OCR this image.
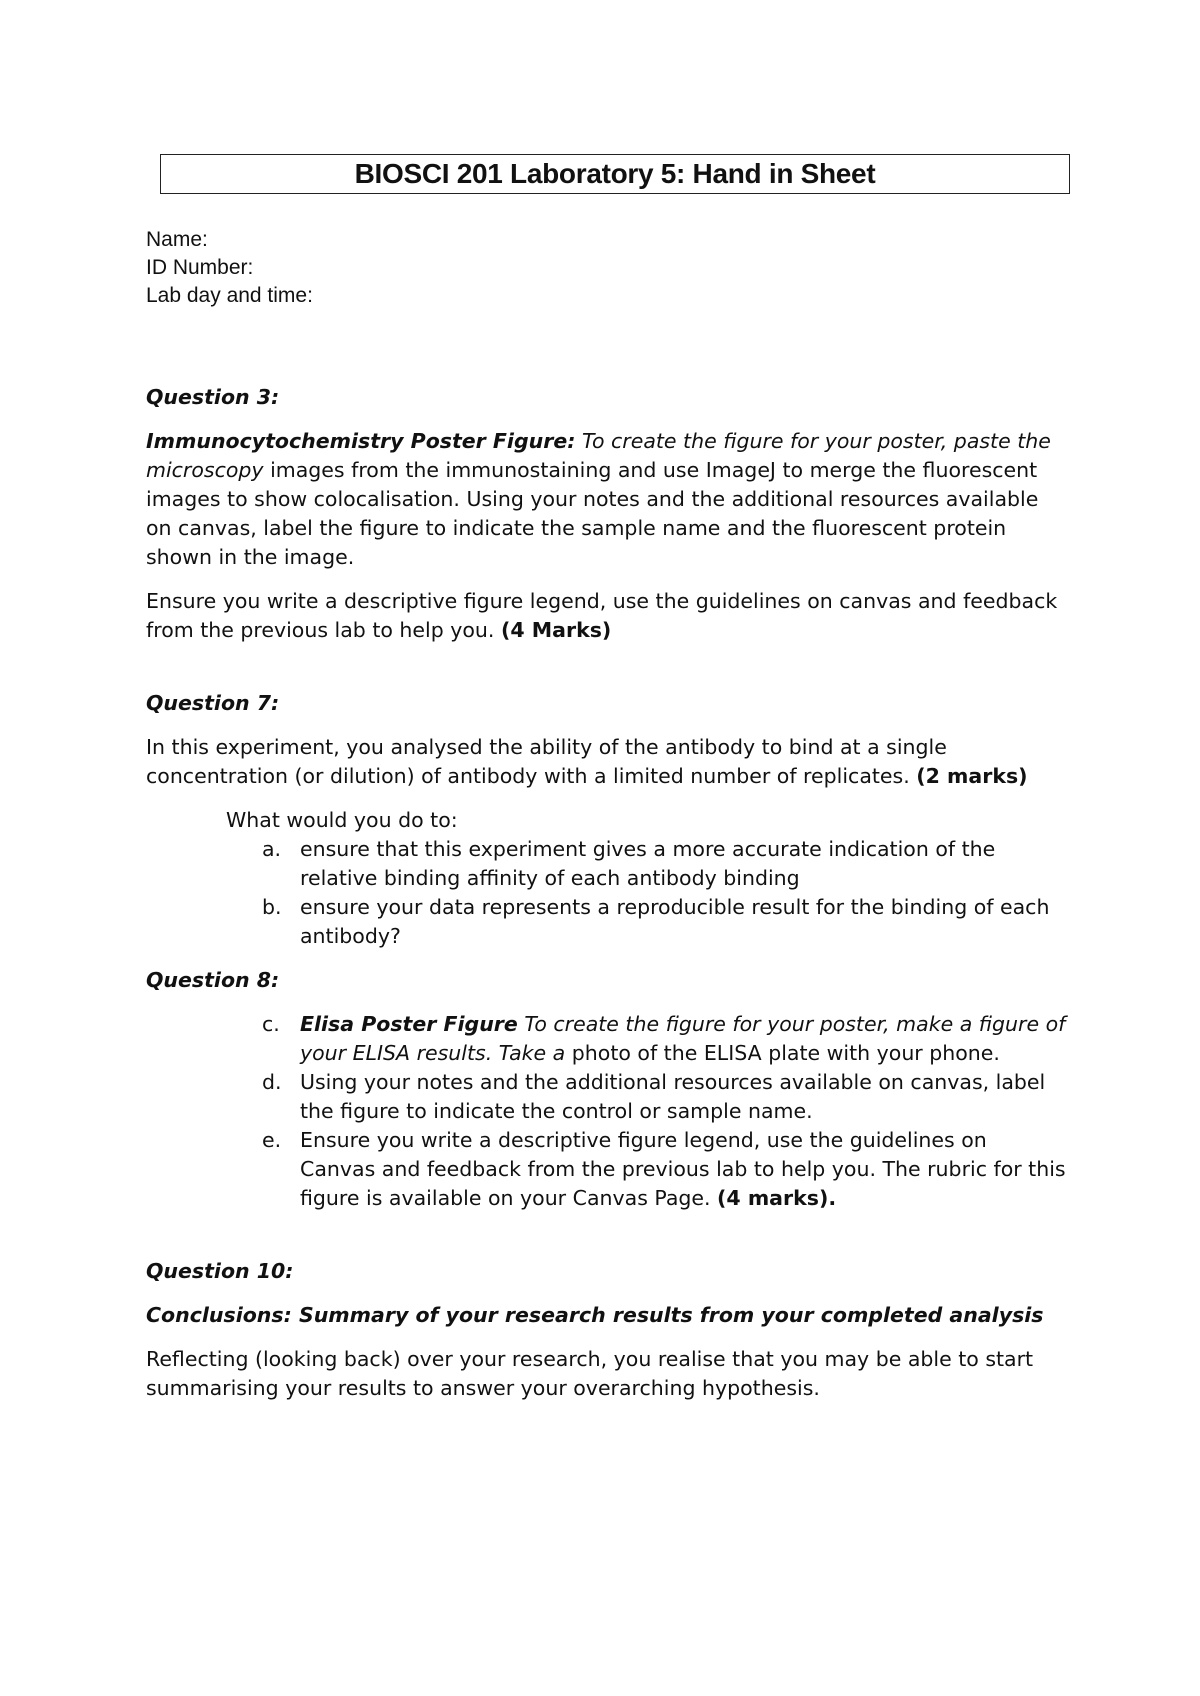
BIOSCI 201 Laboratory 5: Hand in Sheet
Name:
ID Number:
Lab day and time:

Question 3:

Immunocytochemistry Poster Figure: To create the figure for your poster, paste the microscopy images from the immunostaining and use ImageJ to merge the fluorescent images to show colocalisation. Using your notes and the additional resources available on canvas, label the figure to indicate the sample name and the fluorescent protein shown in the image.

Ensure you write a descriptive figure legend, use the guidelines on canvas and feedback from the previous lab to help you. (4 Marks)

Question 7:

In this experiment, you analysed the ability of the antibody to bind at a single concentration (or dilution) of antibody with a limited number of replicates. (2 marks)

What would you do to:

a. ensure that this experiment gives a more accurate indication of the relative binding affinity of each antibody binding
b. ensure your data represents a reproducible result for the binding of each antibody?

Question 8:

c. Elisa Poster Figure To create the figure for your poster, make a figure of your ELISA results. Take a photo of the ELISA plate with your phone.
d. Using your notes and the additional resources available on canvas, label the figure to indicate the control or sample name.
e. Ensure you write a descriptive figure legend, use the guidelines on Canvas and feedback from the previous lab to help you. The rubric for this figure is available on your Canvas Page. (4 marks).

Question 10:

Conclusions: Summary of your research results from your completed analysis

Reflecting (looking back) over your research, you realise that you may be able to start summarising your results to answer your overarching hypothesis.
